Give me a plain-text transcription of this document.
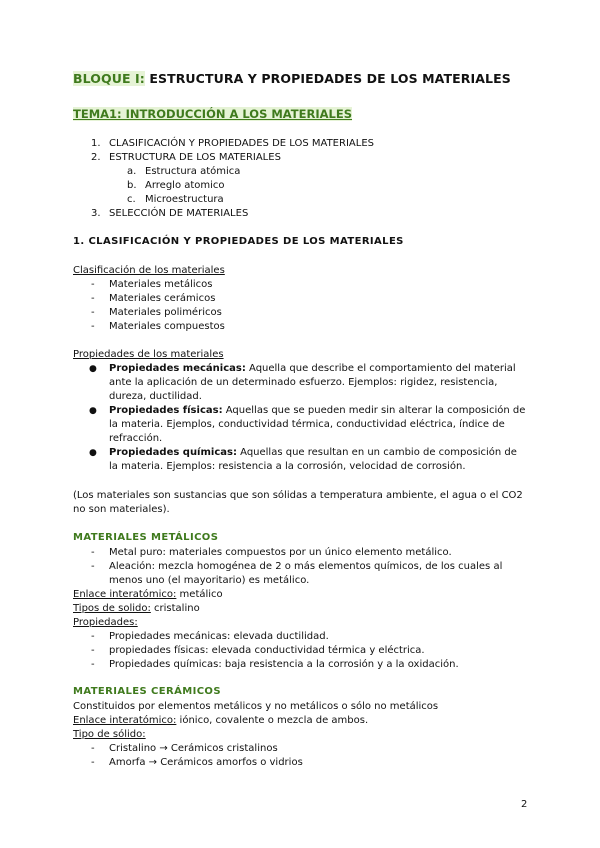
BLOQUE I: ESTRUCTURA Y PROPIEDADES DE LOS MATERIALES
TEMA1: INTRODUCCIÓN A LOS MATERIALES
1. CLASIFICACIÓN Y PROPIEDADES DE LOS MATERIALES
2. ESTRUCTURA DE LOS MATERIALES
a. Estructura atómica
b. Arreglo atomico
c. Microestructura
3. SELECCIÓN DE MATERIALES
1. CLASIFICACIÓN Y PROPIEDADES DE LOS MATERIALES
Clasificación de los materiales
- Materiales metálicos
- Materiales cerámicos
- Materiales poliméricos
- Materiales compuestos
Propiedades de los materiales
● Propiedades mecánicas: Aquella que describe el comportamiento del material
ante la aplicación de un determinado esfuerzo. Ejemplos: rigidez, resistencia,
dureza, ductilidad.
● Propiedades físicas: Aquellas que se pueden medir sin alterar la composición de
la materia. Ejemplos, conductividad térmica, conductividad eléctrica, índice de
refracción.
● Propiedades químicas: Aquellas que resultan en un cambio de composición de
la materia. Ejemplos: resistencia a la corrosión, velocidad de corrosión.
(Los materiales son sustancias que son sólidas a temperatura ambiente, el agua o el CO2
no son materiales).
MATERIALES METÁLICOS
- Metal puro: materiales compuestos por un único elemento metálico.
- Aleación: mezcla homogénea de 2 o más elementos químicos, de los cuales al
menos uno (el mayoritario) es metálico.
Enlace interatómico: metálico
Tipos de solido: cristalino
Propiedades:
- Propiedades mecánicas: elevada ductilidad.
- propiedades físicas: elevada conductividad térmica y eléctrica.
- Propiedades químicas: baja resistencia a la corrosión y a la oxidación.
MATERIALES CERÁMICOS
Constituidos por elementos metálicos y no metálicos o sólo no metálicos
Enlace interatómico: iónico, covalente o mezcla de ambos.
Tipo de sólido:
- Cristalino → Cerámicos cristalinos
- Amorfa → Cerámicos amorfos o vidrios
2
